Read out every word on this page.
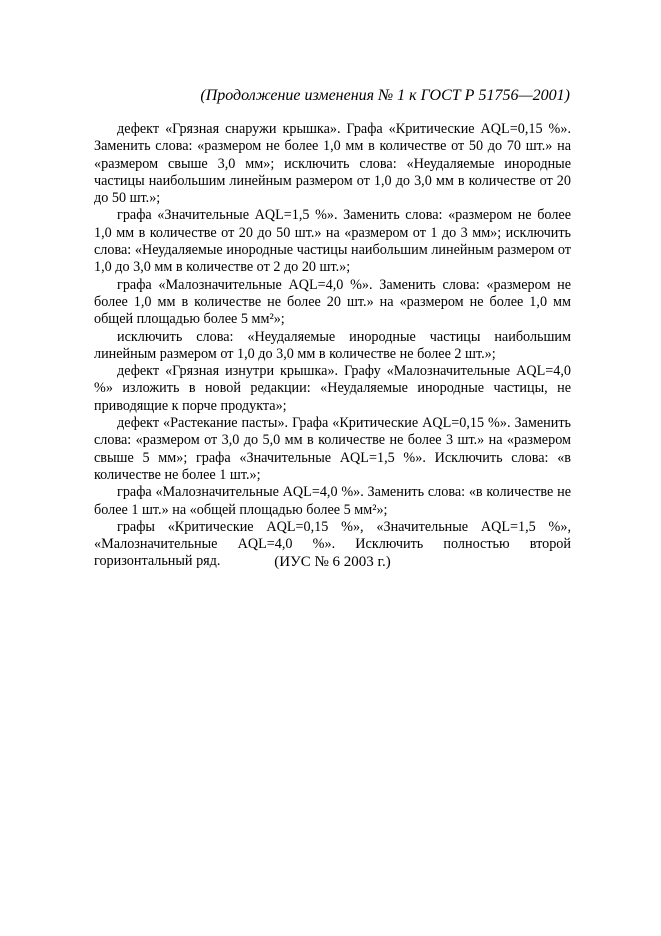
(Продолжение изменения № 1 к ГОСТ Р 51756—2001)

дефект «Грязная снаружи крышка». Графа «Критические AQL=0,15 %». Заменить слова: «размером не более 1,0 мм в количестве от 50 до 70 шт.» на «размером свыше 3,0 мм»; исключить слова: «Неудаляемые инородные частицы наибольшим линейным размером от 1,0 до 3,0 мм в количестве от 20 до 50 шт.»;

графа «Значительные AQL=1,5 %». Заменить слова: «размером не более 1,0 мм в количестве от 20 до 50 шт.» на «размером от 1 до 3 мм»; исключить слова: «Неудаляемые инородные частицы наибольшим линейным размером от 1,0 до 3,0 мм в количестве от 2 до 20 шт.»;

графа «Малозначительные AQL=4,0 %». Заменить слова: «размером не более 1,0 мм в количестве не более 20 шт.» на «размером не более 1,0 мм общей площадью более 5 мм²»;

исключить слова: «Неудаляемые инородные частицы наибольшим линейным размером от 1,0 до 3,0 мм в количестве не более 2 шт.»;

дефект «Грязная изнутри крышка». Графу «Малозначительные AQL=4,0 %» изложить в новой редакции: «Неудаляемые инородные частицы, не приводящие к порче продукта»;

дефект «Растекание пасты». Графа «Критические AQL=0,15 %». Заменить слова: «размером от 3,0 до 5,0 мм в количестве не более 3 шт.» на «размером свыше 5 мм»; графа «Значительные AQL=1,5 %». Исключить слова: «в количестве не более 1 шт.»;

графа «Малозначительные AQL=4,0 %». Заменить слова: «в количестве не более 1 шт.» на «общей площадью более 5 мм²»;

графы «Критические AQL=0,15 %», «Значительные AQL=1,5 %», «Малозначительные AQL=4,0 %». Исключить полностью второй горизонтальный ряд.	(ИУС № 6 2003 г.)
